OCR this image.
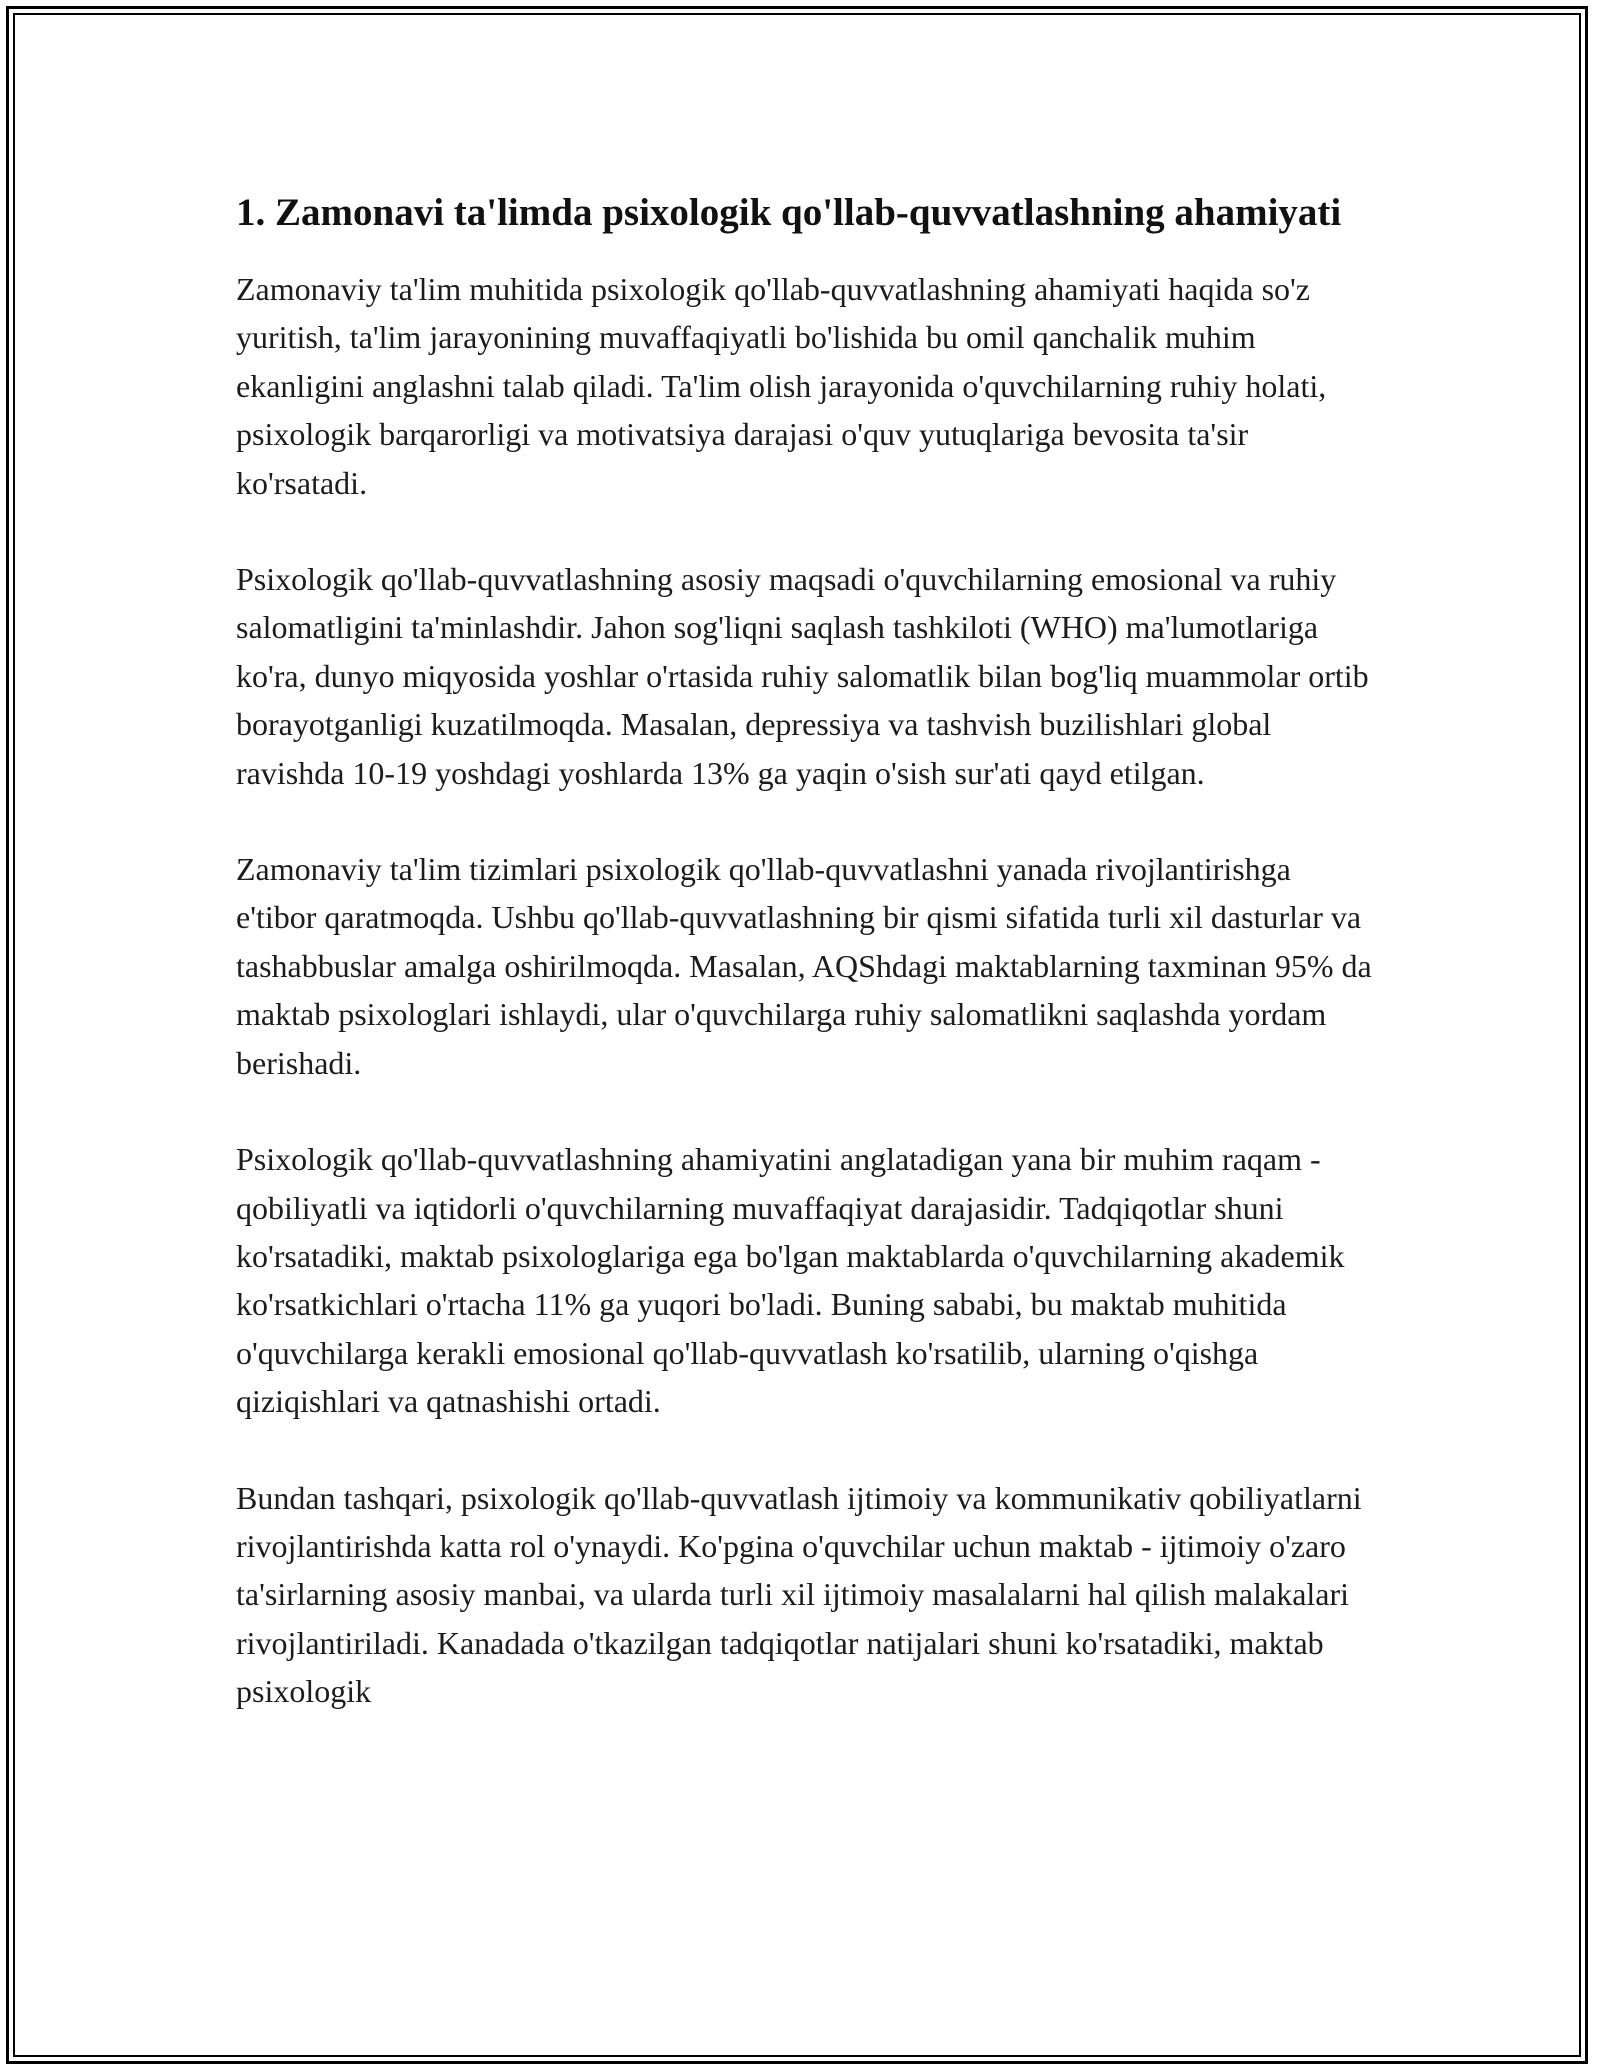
1. Zamonavi ta'limda psixologik qo'llab-quvvatlashning ahamiyati

Zamonaviy ta'lim muhitida psixologik qo'llab-quvvatlashning ahamiyati haqida so'z yuritish, ta'lim jarayonining muvaffaqiyatli bo'lishida bu omil qanchalik muhim ekanligini anglashni talab qiladi. Ta'lim olish jarayonida o'quvchilarning ruhiy holati, psixologik barqarorligi va motivatsiya darajasi o'quv yutuqlariga bevosita ta'sir ko'rsatadi.

Psixologik qo'llab-quvvatlashning asosiy maqsadi o'quvchilarning emosional va ruhiy salomatligini ta'minlashdir. Jahon sog'liqni saqlash tashkiloti (WHO) ma'lumotlariga ko'ra, dunyo miqyosida yoshlar o'rtasida ruhiy salomatlik bilan bog'liq muammolar ortib borayotganligi kuzatilmoqda. Masalan, depressiya va tashvish buzilishlari global ravishda 10-19 yoshdagi yoshlarda 13% ga yaqin o'sish sur'ati qayd etilgan.

Zamonaviy ta'lim tizimlari psixologik qo'llab-quvvatlashni yanada rivojlantirishga e'tibor qaratmoqda. Ushbu qo'llab-quvvatlashning bir qismi sifatida turli xil dasturlar va tashabbuslar amalga oshirilmoqda. Masalan, AQShdagi maktablarning taxminan 95% da maktab psixologlari ishlaydi, ular o'quvchilarga ruhiy salomatlikni saqlashda yordam berishadi.

Psixologik qo'llab-quvvatlashning ahamiyatini anglatadigan yana bir muhim raqam - qobiliyatli va iqtidorli o'quvchilarning muvaffaqiyat darajasidir. Tadqiqotlar shuni ko'rsatadiki, maktab psixologlariga ega bo'lgan maktablarda o'quvchilarning akademik ko'rsatkichlari o'rtacha 11% ga yuqori bo'ladi. Buning sababi, bu maktab muhitida o'quvchilarga kerakli emosional qo'llab-quvvatlash ko'rsatilib, ularning o'qishga qiziqishlari va qatnashishi ortadi.

Bundan tashqari, psixologik qo'llab-quvvatlash ijtimoiy va kommunikativ qobiliyatlarni rivojlantirishda katta rol o'ynaydi. Ko'pgina o'quvchilar uchun maktab - ijtimoiy o'zaro ta'sirlarning asosiy manbai, va ularda turli xil ijtimoiy masalalarni hal qilish malakalari rivojlantiriladi. Kanadada o'tkazilgan tadqiqotlar natijalari shuni ko'rsatadiki, maktab psixologik
